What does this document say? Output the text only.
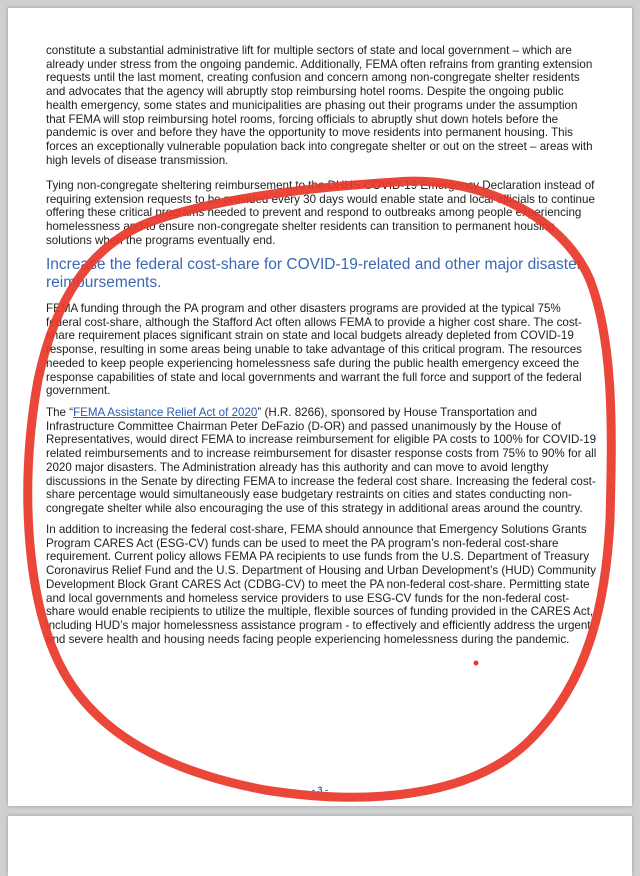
constitute a substantial administrative lift for multiple sectors of state and local government – which are already under stress from the ongoing pandemic. Additionally, FEMA often refrains from granting extension requests until the last moment, creating confusion and concern among non-congregate shelter residents and advocates that the agency will abruptly stop reimbursing hotel rooms. Despite the ongoing public health emergency, some states and municipalities are phasing out their programs under the assumption that FEMA will stop reimbursing hotel rooms, forcing officials to abruptly shut down hotels before the pandemic is over and before they have the opportunity to move residents into permanent housing. This forces an exceptionally vulnerable population back into congregate shelter or out on the street – areas with high levels of disease transmission.

Tying non-congregate sheltering reimbursement to the DHHS COVID-19 Emergency Declaration instead of requiring extension requests to be provided every 30 days would enable state and local officials to continue offering these critical programs needed to prevent and respond to outbreaks among people experiencing homelessness and to ensure non-congregate shelter residents can transition to permanent housing solutions when the programs eventually end.

Increase the federal cost-share for COVID-19-related and other major disaster reimbursements.

FEMA funding through the PA program and other disasters programs are provided at the typical 75% federal cost-share, although the Stafford Act often allows FEMA to provide a higher cost share. The cost-share requirement places significant strain on state and local budgets already depleted from COVID-19 response, resulting in some areas being unable to take advantage of this critical program. The resources needed to keep people experiencing homelessness safe during the public health emergency exceed the response capabilities of state and local governments and warrant the full force and support of the federal government.

The “FEMA Assistance Relief Act of 2020” (H.R. 8266), sponsored by House Transportation and Infrastructure Committee Chairman Peter DeFazio (D-OR) and passed unanimously by the House of Representatives, would direct FEMA to increase reimbursement for eligible PA costs to 100% for COVID-19 related reimbursements and to increase reimbursement for disaster response costs from 75% to 90% for all 2020 major disasters. The Administration already has this authority and can move to avoid lengthy discussions in the Senate by directing FEMA to increase the federal cost share. Increasing the federal cost-share percentage would simultaneously ease budgetary restraints on cities and states conducting non-congregate shelter while also encouraging the use of this strategy in additional areas around the country.

In addition to increasing the federal cost-share, FEMA should announce that Emergency Solutions Grants Program CARES Act (ESG-CV) funds can be used to meet the PA program’s non-federal cost-share requirement. Current policy allows FEMA PA recipients to use funds from the U.S. Department of Treasury Coronavirus Relief Fund and the U.S. Department of Housing and Urban Development’s (HUD) Community Development Block Grant CARES Act (CDBG-CV) to meet the PA non-federal cost-share. Permitting state and local governments and homeless service providers to use ESG-CV funds for the non-federal cost-share would enable recipients to utilize the multiple, flexible sources of funding provided in the CARES Act, including HUD’s major homelessness assistance program - to effectively and efficiently address the urgent and severe health and housing needs facing people experiencing homelessness during the pandemic.

- 3 -
